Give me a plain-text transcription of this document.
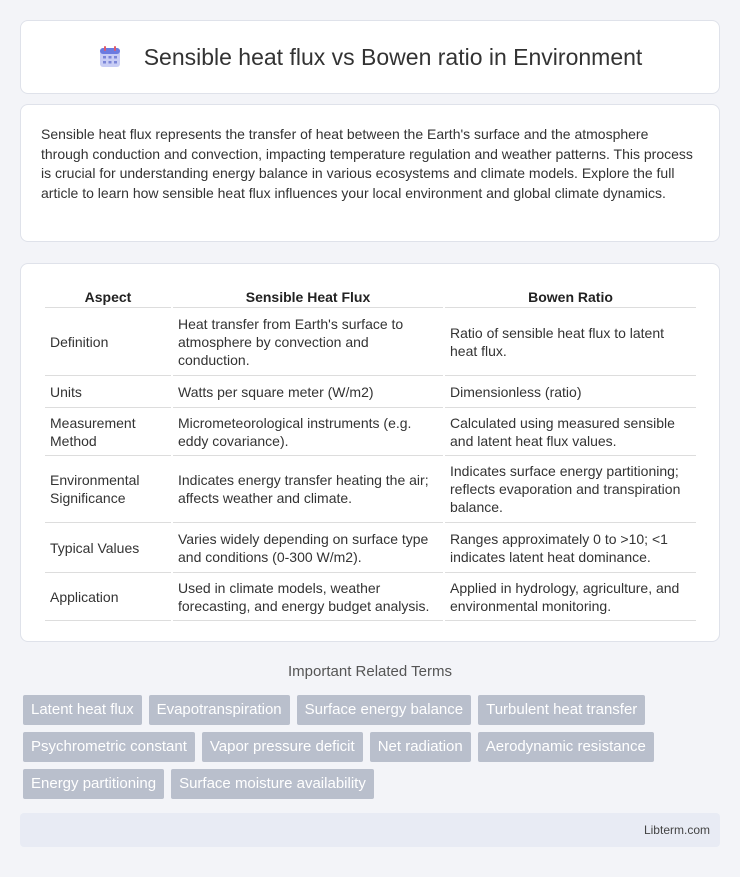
Sensible heat flux vs Bowen ratio in Environment

Sensible heat flux represents the transfer of heat between the Earth's surface and the atmosphere through conduction and convection, impacting temperature regulation and weather patterns. This process is crucial for understanding energy balance in various ecosystems and climate models. Explore the full article to learn how sensible heat flux influences your local environment and global climate dynamics.

Aspect	Sensible Heat Flux	Bowen Ratio
Definition	Heat transfer from Earth's surface to atmosphere by convection and conduction.	Ratio of sensible heat flux to latent heat flux.
Units	Watts per square meter (W/m2)	Dimensionless (ratio)
Measurement Method	Micrometeorological instruments (e.g. eddy covariance).	Calculated using measured sensible and latent heat flux values.
Environmental Significance	Indicates energy transfer heating the air; affects weather and climate.	Indicates surface energy partitioning; reflects evaporation and transpiration balance.
Typical Values	Varies widely depending on surface type and conditions (0-300 W/m2).	Ranges approximately 0 to >10; <1 indicates latent heat dominance.
Application	Used in climate models, weather forecasting, and energy budget analysis.	Applied in hydrology, agriculture, and environmental monitoring.
Important Related Terms
Latent heat flux	Evapotranspiration	Surface energy balance	Turbulent heat transfer
Psychrometric constant	Vapor pressure deficit	Net radiation	Aerodynamic resistance
Energy partitioning	Surface moisture availability
Libterm.com
